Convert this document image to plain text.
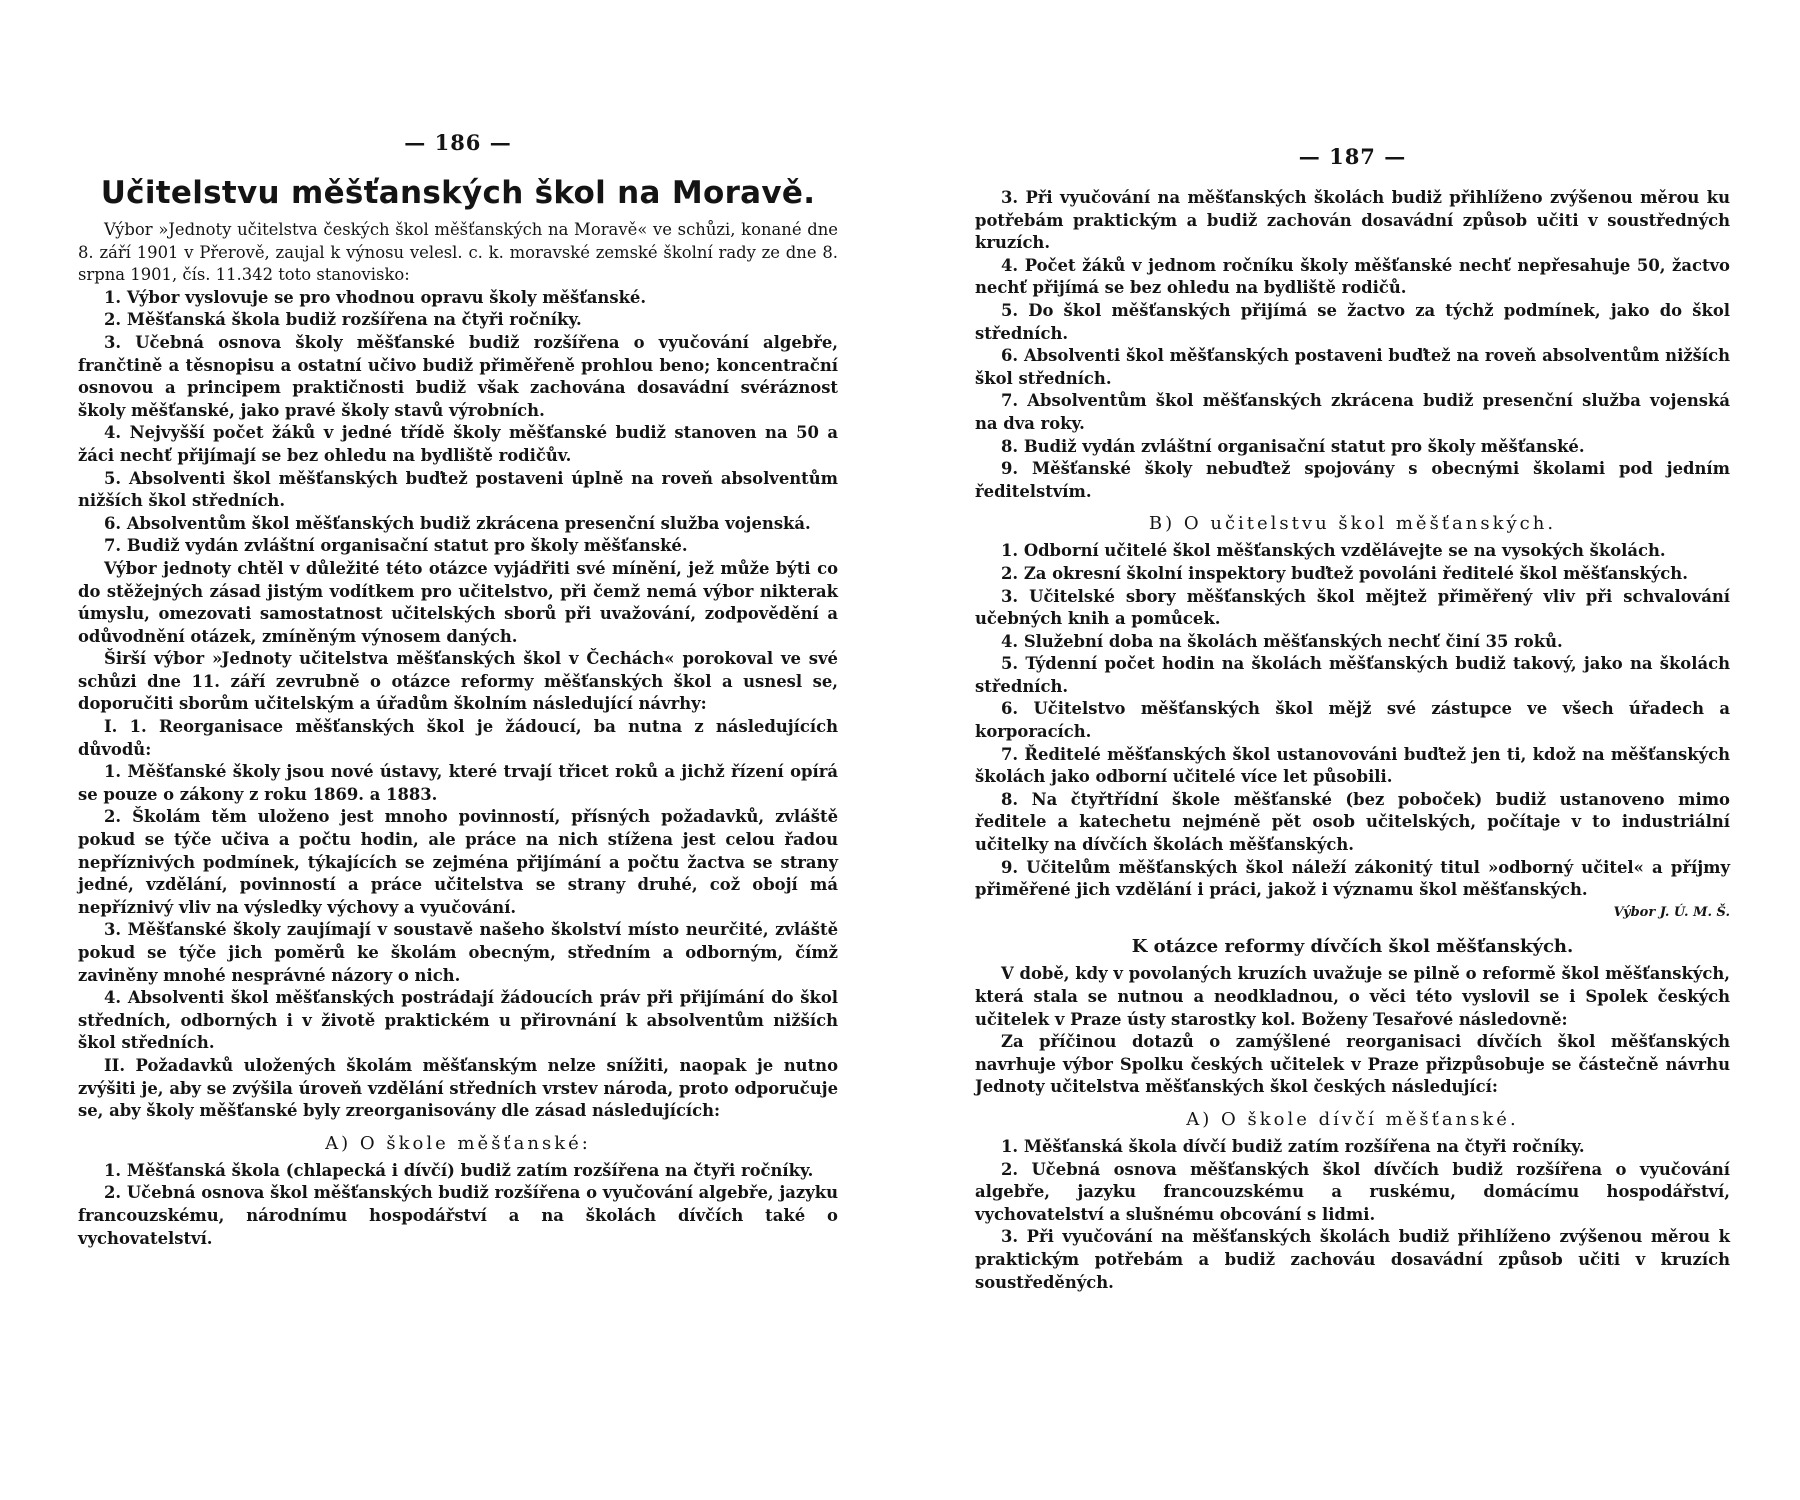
— 186 —
Učitelstvu měšťanských škol na Moravě.

Výbor »Jednoty učitelstva českých škol měšťanských na Moravě« ve schůzi, konané dne 8. září 1901 v Přerově, zaujal k výnosu velesl. c. k. moravské zemské školní rady ze dne 8. srpna 1901, čís. 11.342 toto stanovisko:

1. Výbor vyslovuje se pro vhodnou opravu školy měšťanské.

2. Měšťanská škola budiž rozšířena na čtyři ročníky.

3. Učebná osnova školy měšťanské budiž rozšířena o vyučování algebře, frančtině a těsnopisu a ostatní učivo budiž přiměřeně prohlou beno; koncentrační osnovou a principem praktičnosti budiž však zachována dosavádní svéráznost školy měšťanské, jako pravé školy stavů výrobních.

4. Nejvyšší počet žáků v jedné třídě školy měšťanské budiž stanoven na 50 a žáci nechť přijímají se bez ohledu na bydliště rodičův.

5. Absolventi škol měšťanských buďtež postaveni úplně na roveň absolventům nižších škol středních.

6. Absolventům škol měšťanských budiž zkrácena presenční služba vojenská.

7. Budiž vydán zvláštní organisační statut pro školy měšťanské.

Výbor jednoty chtěl v důležité této otázce vyjádřiti své mínění, jež může býti co do stěžejných zásad jistým vodítkem pro učitelstvo, při čemž nemá výbor nikterak úmyslu, omezovati samostatnost učitelských sborů při uvažování, zodpovědění a odůvodnění otázek, zmíněným výnosem daných.

Širší výbor »Jednoty učitelstva měšťanských škol v Čechách« porokoval ve své schůzi dne 11. září zevrubně o otázce reformy měšťanských škol a usnesl se, doporučiti sborům učitelským a úřadům školním následující návrhy:

I. 1. Reorganisace měšťanských škol je žádoucí, ba nutna z následujících důvodů:

1. Měšťanské školy jsou nové ústavy, které trvají třicet roků a jichž řízení opírá se pouze o zákony z roku 1869. a 1883.

2. Školám těm uloženo jest mnoho povinností, přísných požadavků, zvláště pokud se týče učiva a počtu hodin, ale práce na nich stížena jest celou řadou nepříznivých podmínek, týkajících se zejména přijímání a počtu žactva se strany jedné, vzdělání, povinností a práce učitelstva se strany druhé, což obojí má nepříznivý vliv na výsledky výchovy a vyučování.

3. Měšťanské školy zaujímají v soustavě našeho školství místo neurčité, zvláště pokud se týče jich poměrů ke školám obecným, středním a odborným, čímž zaviněny mnohé nesprávné názory o nich.

4. Absolventi škol měšťanských postrádají žádoucích práv při přijímání do škol středních, odborných i v životě praktickém u přirovnání k absolventům nižších škol středních.

II. Požadavků uložených školám měšťanským nelze snížiti, naopak je nutno zvýšiti je, aby se zvýšila úroveň vzdělání středních vrstev národa, proto odporučuje se, aby školy měšťanské byly zreorganisovány dle zásad následujících:

A) O škole měšťanské:

1. Měšťanská škola (chlapecká i dívčí) budiž zatím rozšířena na čtyři ročníky.

2. Učebná osnova škol měšťanských budiž rozšířena o vyučování algebře, jazyku francouzskému, národnímu hospodářství a na školách dívčích také o vychovatelství.

— 187 —

3. Při vyučování na měšťanských školách budiž přihlíženo zvýšenou měrou ku potřebám praktickým a budiž zachován dosavádní způsob učiti v soustředných kruzích.

4. Počet žáků v jednom ročníku školy měšťanské nechť nepřesahuje 50, žactvo nechť přijímá se bez ohledu na bydliště rodičů.

5. Do škol měšťanských přijímá se žactvo za týchž podmínek, jako do škol středních.

6. Absolventi škol měšťanských postaveni buďtež na roveň absolventům nižších škol středních.

7. Absolventům škol měšťanských zkrácena budiž presenční služba vojenská na dva roky.

8. Budiž vydán zvláštní organisační statut pro školy měšťanské.

9. Měšťanské školy nebuďtež spojovány s obecnými školami pod jedním ředitelstvím.

B) O učitelstvu škol měšťanských.

1. Odborní učitelé škol měšťanských vzdělávejte se na vysokých školách.

2. Za okresní školní inspektory buďtež povoláni ředitelé škol měšťanských.

3. Učitelské sbory měšťanských škol mějtež přiměřený vliv při schvalování učebných knih a pomůcek.

4. Služební doba na školách měšťanských nechť činí 35 roků.

5. Týdenní počet hodin na školách měšťanských budiž takový, jako na školách středních.

6. Učitelstvo měšťanských škol mějž své zástupce ve všech úřadech a korporacích.

7. Ředitelé měšťanských škol ustanovováni buďtež jen ti, kdož na měšťanských školách jako odborní učitelé více let působili.

8. Na čtyřtřídní škole měšťanské (bez poboček) budiž ustanoveno mimo ředitele a katechetu nejméně pět osob učitelských, počítaje v to industriální učitelky na dívčích školách měšťanských.

9. Učitelům měšťanských škol náleží zákonitý titul »odborný učitel« a příjmy přiměřené jich vzdělání i práci, jakož i významu škol měšťanských.

Výbor J. Ú. M. Š.

K otázce reformy dívčích škol měšťanských.

V době, kdy v povolaných kruzích uvažuje se pilně o reformě škol měšťanských, která stala se nutnou a neodkladnou, o věci této vyslovil se i Spolek českých učitelek v Praze ústy starostky kol. Boženy Tesařové následovně:

Za příčinou dotazů o zamýšlené reorganisaci dívčích škol měšťanských navrhuje výbor Spolku českých učitelek v Praze přizpůsobuje se částečně návrhu Jednoty učitelstva měšťanských škol českých následující:

A) O škole dívčí měšťanské.

1. Měšťanská škola dívčí budiž zatím rozšířena na čtyři ročníky.

2. Učebná osnova měšťanských škol dívčích budiž rozšířena o vyučování algebře, jazyku francouzskému a ruskému, domácímu hospodářství, vychovatelství a slušnému obcování s lidmi.

3. Při vyučování na měšťanských školách budiž přihlíženo zvýšenou měrou k praktickým potřebám a budiž zachováu dosavádní způsob učiti v kruzích soustředěných.
